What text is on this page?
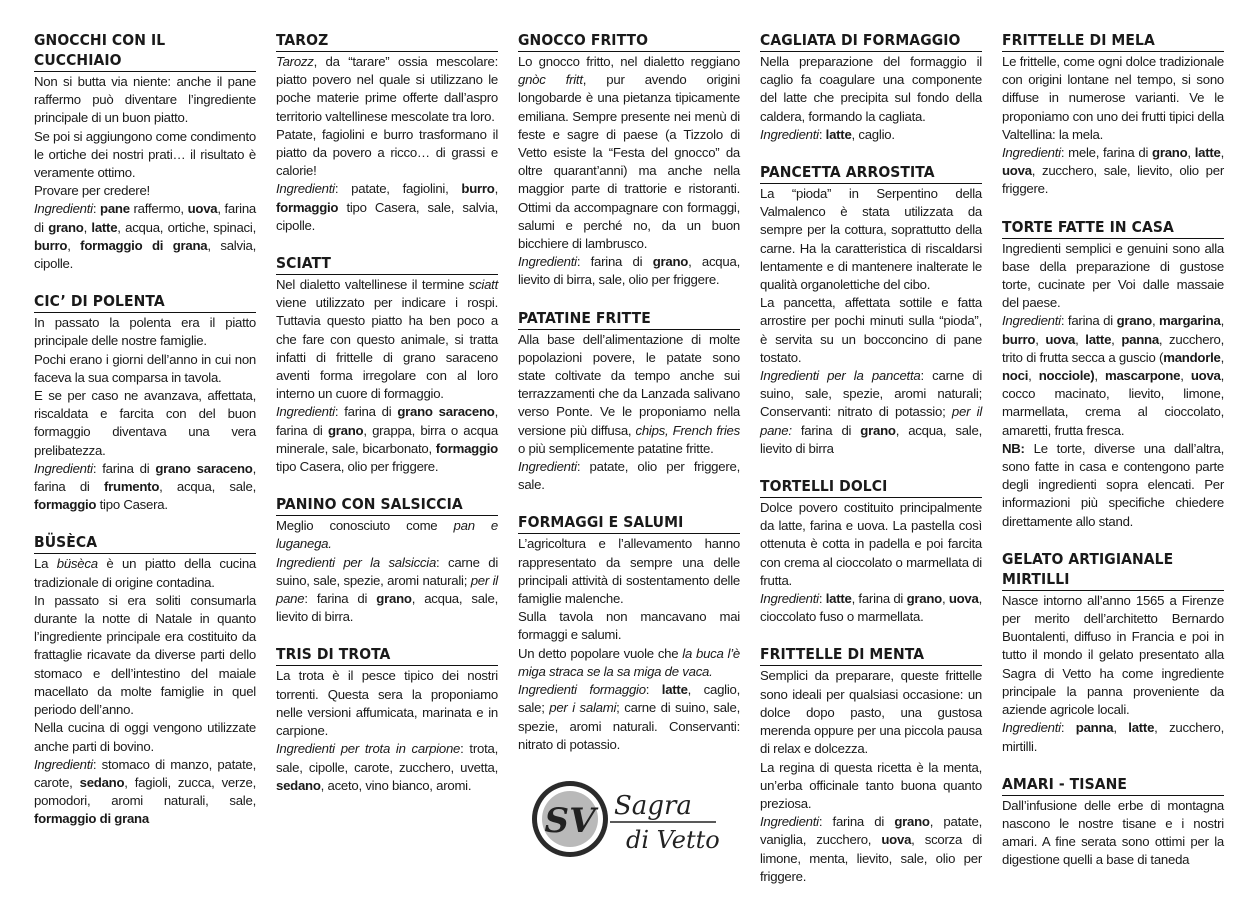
GNOCCHI CON IL CUCCHIAIO

Non si butta via niente: anche il pane raffermo può diventare l’ingrediente principale di un buon piatto.

Se poi si aggiungono come condimento le ortiche dei nostri prati… il risultato è veramente ottimo.

Provare per credere!

Ingredienti: pane raffermo, uova, farina di grano, latte, acqua, ortiche, spinaci, burro, formaggio di grana, salvia, cipolle.

CIC’ DI POLENTA

In passato la polenta era il piatto principale delle nostre famiglie.

Pochi erano i giorni dell’anno in cui non faceva la sua comparsa in tavola.

E se per caso ne avanzava, affettata, riscaldata e farcita con del buon formaggio diventava una vera prelibatezza.

Ingredienti: farina di grano saraceno, farina di frumento, acqua, sale, formaggio tipo Casera.

BÜSÈCA

La büsèca è un piatto della cucina tradizionale di origine contadina.

In passato si era soliti consumarla durante la notte di Natale in quanto l’ingrediente principale era costituito da frattaglie ricavate da diverse parti dello stomaco e dell’intestino del maiale macellato da molte famiglie in quel periodo dell’anno.

Nella cucina di oggi vengono utilizzate anche parti di bovino.

Ingredienti: stomaco di manzo, patate, carote, sedano, fagioli, zucca, verze, pomodori, aromi naturali, sale, formaggio di grana

TAROZ

Tarozz, da “tarare” ossia mescolare: piatto povero nel quale si utilizzano le poche materie prime offerte dall’aspro territorio valtellinese mescolate tra loro.

Patate, fagiolini e burro trasformano il piatto da povero a ricco… di grassi e calorie!

Ingredienti: patate, fagiolini, burro, formaggio tipo Casera, sale, salvia, cipolle.

SCIATT

Nel dialetto valtellinese il termine sciatt viene utilizzato per indicare i rospi. Tuttavia questo piatto ha ben poco a che fare con questo animale, si tratta infatti di frittelle di grano saraceno aventi forma irregolare con al loro interno un cuore di formaggio.

Ingredienti: farina di grano saraceno, farina di grano, grappa, birra o acqua minerale, sale, bicarbonato, formaggio tipo Casera, olio per friggere.

PANINO CON SALSICCIA

Meglio conosciuto come pan e luganega.

Ingredienti per la salsiccia: carne di suino, sale, spezie, aromi naturali; per il pane: farina di grano, acqua, sale, lievito di birra.

TRIS DI TROTA

La trota è il pesce tipico dei nostri torrenti. Questa sera la proponiamo nelle versioni affumicata, marinata e in carpione.

Ingredienti per trota in carpione: trota, sale, cipolle, carote, zucchero, uvetta, sedano, aceto, vino bianco, aromi.

GNOCCO FRITTO

Lo gnocco fritto, nel dialetto reggiano gnòc fritt, pur avendo origini longobarde è una pietanza tipicamente emiliana. Sempre presente nei menù di feste e sagre di paese (a Tizzolo di Vetto esiste la “Festa del gnocco” da oltre quarant’anni) ma anche nella maggior parte di trattorie e ristoranti. Ottimi da accompagnare con formaggi, salumi e perché no, da un buon bicchiere di lambrusco.

Ingredienti: farina di grano, acqua, lievito di birra, sale, olio per friggere.

PATATINE FRITTE

Alla base dell’alimentazione di molte popolazioni povere, le patate sono state coltivate da tempo anche sui terrazzamenti che da Lanzada salivano verso Ponte. Ve le proponiamo nella versione più diffusa, chips, French fries o più semplicemente patatine fritte.

Ingredienti: patate, olio per friggere, sale.

FORMAGGI E SALUMI

L’agricoltura e l’allevamento hanno rappresentato da sempre una delle principali attività di sostentamento delle famiglie malenche.

Sulla tavola non mancavano mai formaggi e salumi.

Un detto popolare vuole che la buca l’è miga straca se la sa miga de vaca.

Ingredienti formaggio: latte, caglio, sale; per i salami; carne di suino, sale, spezie, aromi naturali. Conservanti: nitrato di potassio.

CAGLIATA DI FORMAGGIO

Nella preparazione del formaggio il caglio fa coagulare una componente del latte che precipita sul fondo della caldera, formando la cagliata.

Ingredienti: latte, caglio.

PANCETTA ARROSTITA

La “pioda” in Serpentino della Valmalenco è stata utilizzata da sempre per la cottura, soprattutto della carne. Ha la caratteristica di riscaldarsi lentamente e di mantenere inalterate le qualità organolettiche del cibo.

La pancetta, affettata sottile e fatta arrostire per pochi minuti sulla “pioda”, è servita su un bocconcino di pane tostato.

Ingredienti per la pancetta: carne di suino, sale, spezie, aromi naturali; Conservanti: nitrato di potassio; per il pane: farina di grano, acqua, sale, lievito di birra

TORTELLI DOLCI

Dolce povero costituito principalmente da latte, farina e uova. La pastella così ottenuta è cotta in padella e poi farcita con crema al cioccolato o marmellata di frutta.

Ingredienti: latte, farina di grano, uova, cioccolato fuso o marmellata.

FRITTELLE DI MENTA

Semplici da preparare, queste frittelle sono ideali per qualsiasi occasione: un dolce dopo pasto, una gustosa merenda oppure per una piccola pausa di relax e dolcezza.

La regina di questa ricetta è la menta, un’erba officinale tanto buona quanto preziosa.

Ingredienti: farina di grano, patate, vaniglia, zucchero, uova, scorza di limone, menta, lievito, sale, olio per friggere.

FRITTELLE DI MELA

Le frittelle, come ogni dolce tradizionale con origini lontane nel tempo, si sono diffuse in numerose varianti. Ve le proponiamo con uno dei frutti tipici della Valtellina: la mela.

Ingredienti: mele, farina di grano, latte, uova, zucchero, sale, lievito, olio per friggere.

TORTE FATTE IN CASA

Ingredienti semplici e genuini sono alla base della preparazione di gustose torte, cucinate per Voi dalle massaie del paese.

Ingredienti: farina di grano, margarina, burro, uova, latte, panna, zucchero, trito di frutta secca a guscio (mandorle, noci, nocciole), mascarpone, uova, cocco macinato, lievito, limone, marmellata, crema al cioccolato, amaretti, frutta fresca.

NB: Le torte, diverse una dall’altra, sono fatte in casa e contengono parte degli ingredienti sopra elencati. Per informazioni più specifiche chiedere direttamente allo stand.

GELATO ARTIGIANALE MIRTILLI

Nasce intorno all’anno 1565 a Firenze per merito dell’architetto Bernardo Buontalenti, diffuso in Francia e poi in tutto il mondo il gelato presentato alla Sagra di Vetto ha come ingrediente principale la panna proveniente da aziende agricole locali.

Ingredienti: panna, latte, zucchero, mirtilli.

AMARI - TISANE

Dall’infusione delle erbe di montagna nascono le nostre tisane e i nostri amari. A fine serata sono ottimi per la digestione quelli a base di taneda

SV Sagra
di Vetto
